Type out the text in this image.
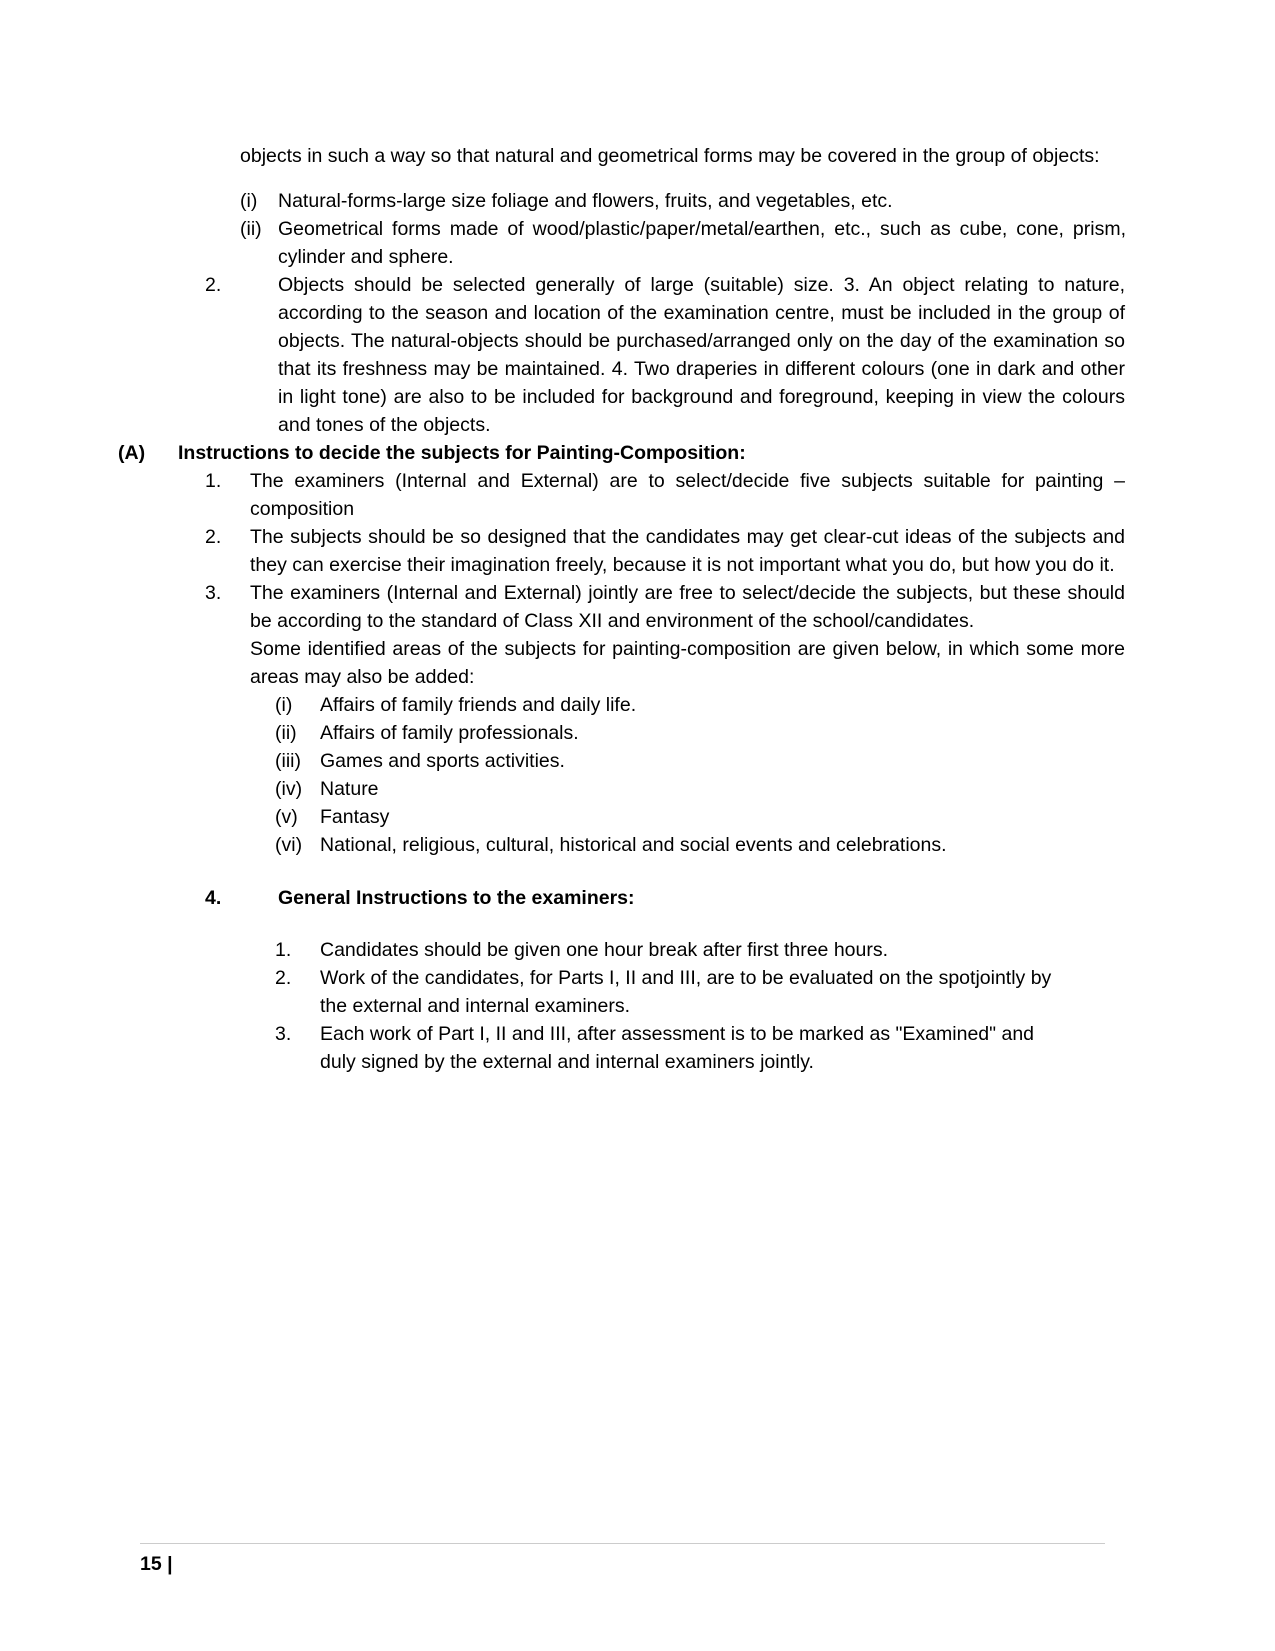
objects in such a way so that natural and geometrical forms may be covered in the group of objects:

(i)	Natural-forms-large size foliage and flowers, fruits, and vegetables, etc.
(ii) Geometrical forms made of wood/plastic/paper/metal/earthen, etc., such as cube, cone, prism, cylinder and sphere.
2.	Objects should be selected generally of large (suitable) size. 3. An object relating to nature, according to the season and location of the examination centre, must be included in the group of objects. The natural-objects should be purchased/arranged only on the day of the examination so that its freshness may be maintained. 4. Two draperies in different colours (one in dark and other in light tone) are also to be included for background and foreground, keeping in view the colours and tones of the objects.
(A)	Instructions to decide the subjects for Painting-Composition:
1.	The examiners (Internal and External) are to select/decide five subjects suitable for painting – composition
2.	The subjects should be so designed that the candidates may get clear-cut ideas of the subjects and they can exercise their imagination freely, because it is not important what you do, but how you do it.
3.	The examiners (Internal and External) jointly are free to select/decide the subjects, but these should be according to the standard of Class XII and environment of the school/candidates.

Some identified areas of the subjects for painting-composition are given below, in which some more areas may also be added:

(i)	Affairs of family friends and daily life.
(ii)	Affairs of family professionals.
(iii) Games and sports activities.
(iv) Nature
(v)	Fantasy
(vi) National, religious, cultural, historical and social events and celebrations.
4.	General Instructions to the examiners:
1.	Candidates should be given one hour break after first three hours.
2.	Work of the candidates, for Parts I, II and III, are to be evaluated on the spotjointly by the external and internal examiners.
3.	Each work of Part I, II and III, after assessment is to be marked as "Examined" and duly signed by the external and internal examiners jointly.
15 |
